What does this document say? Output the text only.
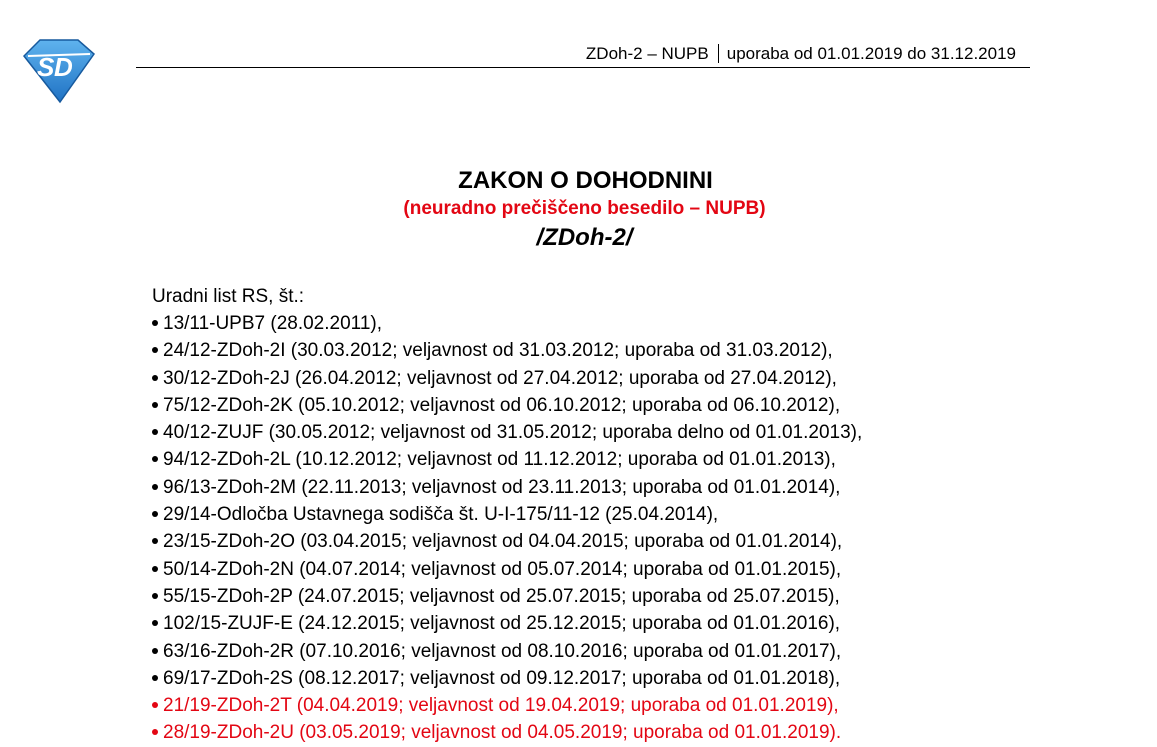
S D	ZDoh-2 – NUPB uporaba od 01.01.2019 do 31.12.2019
ZAKON O DOHODNINI
(neuradno prečiščeno besedilo – NUPB)
/ZDoh-2/
Uradni list RS, št.:
13/11-UPB7 (28.02.2011),
24/12-ZDoh-2I (30.03.2012; veljavnost od 31.03.2012; uporaba od 31.03.2012),
30/12-ZDoh-2J (26.04.2012; veljavnost od 27.04.2012; uporaba od 27.04.2012),
75/12-ZDoh-2K (05.10.2012; veljavnost od 06.10.2012; uporaba od 06.10.2012),
40/12-ZUJF (30.05.2012; veljavnost od 31.05.2012; uporaba delno od 01.01.2013),
94/12-ZDoh-2L (10.12.2012; veljavnost od 11.12.2012; uporaba od 01.01.2013),
96/13-ZDoh-2M (22.11.2013; veljavnost od 23.11.2013; uporaba od 01.01.2014),
29/14-Odločba Ustavnega sodišča št. U-I-175/11-12 (25.04.2014),
23/15-ZDoh-2O (03.04.2015; veljavnost od 04.04.2015; uporaba od 01.01.2014),
50/14-ZDoh-2N (04.07.2014; veljavnost od 05.07.2014; uporaba od 01.01.2015),
55/15-ZDoh-2P (24.07.2015; veljavnost od 25.07.2015; uporaba od 25.07.2015),
102/15-ZUJF-E (24.12.2015; veljavnost od 25.12.2015; uporaba od 01.01.2016),
63/16-ZDoh-2R (07.10.2016; veljavnost od 08.10.2016; uporaba od 01.01.2017),
69/17-ZDoh-2S (08.12.2017; veljavnost od 09.12.2017; uporaba od 01.01.2018),
21/19-ZDoh-2T (04.04.2019; veljavnost od 19.04.2019; uporaba od 01.01.2019),
28/19-ZDoh-2U (03.05.2019; veljavnost od 04.05.2019; uporaba od 01.01.2019).
